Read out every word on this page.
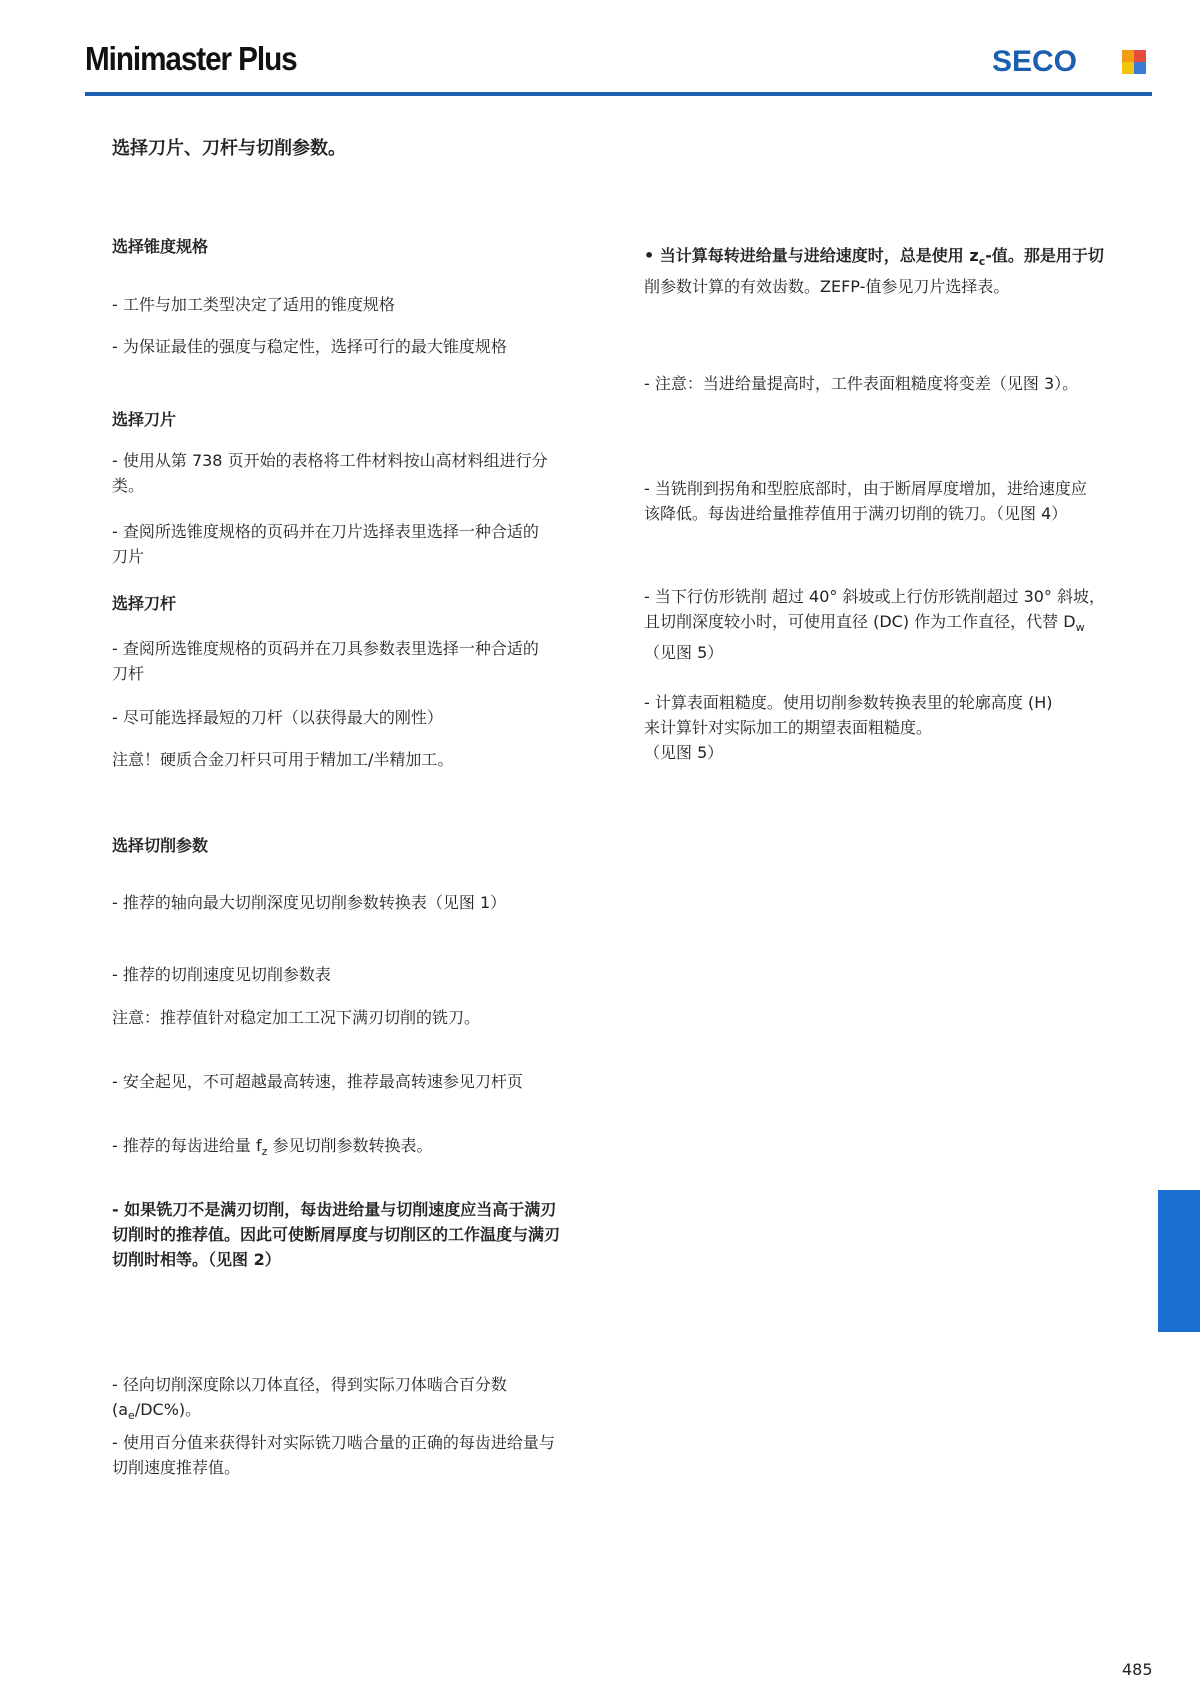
Minimaster Plus	SECO
选择刀片、刀杆与切削参数。
选择锥度规格
- 工件与加工类型决定了适用的锥度规格
- 为保证最佳的强度与稳定性，选择可行的最大锥度规格
选择刀片
- 使用从第 738 页开始的表格将工件材料按山高材料组进行分
类。
- 查阅所选锥度规格的页码并在刀片选择表里选择一种合适的
刀片
选择刀杆
- 查阅所选锥度规格的页码并在刀具参数表里选择一种合适的
刀杆
- 尽可能选择最短的刀杆（以获得最大的刚性）
注意！硬质合金刀杆只可用于精加工/半精加工。
选择切削参数
- 推荐的轴向最大切削深度见切削参数转换表（见图 1）
- 推荐的切削速度见切削参数表
注意：推荐值针对稳定加工工况下满刃切削的铣刀。
- 安全起见，不可超越最高转速，推荐最高转速参见刀杆页
- 推荐的每齿进给量 $f_z$ 参见切削参数转换表。
- 如果铣刀不是满刃切削，每齿进给量与切削速度应当高于满刃
切削时的推荐值。因此可使断屑厚度与切削区的工作温度与满刃
切削时相等。（见图 2）
- 径向切削深度除以刀体直径，得到实际刀体啮合百分数
$(a_e/DC\%)$。
- 使用百分值来获得针对实际铣刀啮合量的正确的每齿进给量与
切削速度推荐值。
• 当计算每转进给量与进给速度时，总是使用 $z_c-$值。那是用于切
削参数计算的有效齿数。ZEFP-值参见刀片选择表。
- 注意：当进给量提高时，工件表面粗糙度将变差（见图 3）。
- 当铣削到拐角和型腔底部时，由于断屑厚度增加，进给速度应
该降低。每齿进给量推荐值用于满刃切削的铣刀。（见图 4）
- 当下行仿形铣削 超过 40° 斜坡或上行仿形铣削超过 30° 斜坡，
且切削深度较小时，可使用直径 (DC) 作为工作直径，代替 $D_w$
（见图 5）
- 计算表面粗糙度。使用切削参数转换表里的轮廓高度 (H)
来计算针对实际加工的期望表面粗糙度。
（见图 5）
485
